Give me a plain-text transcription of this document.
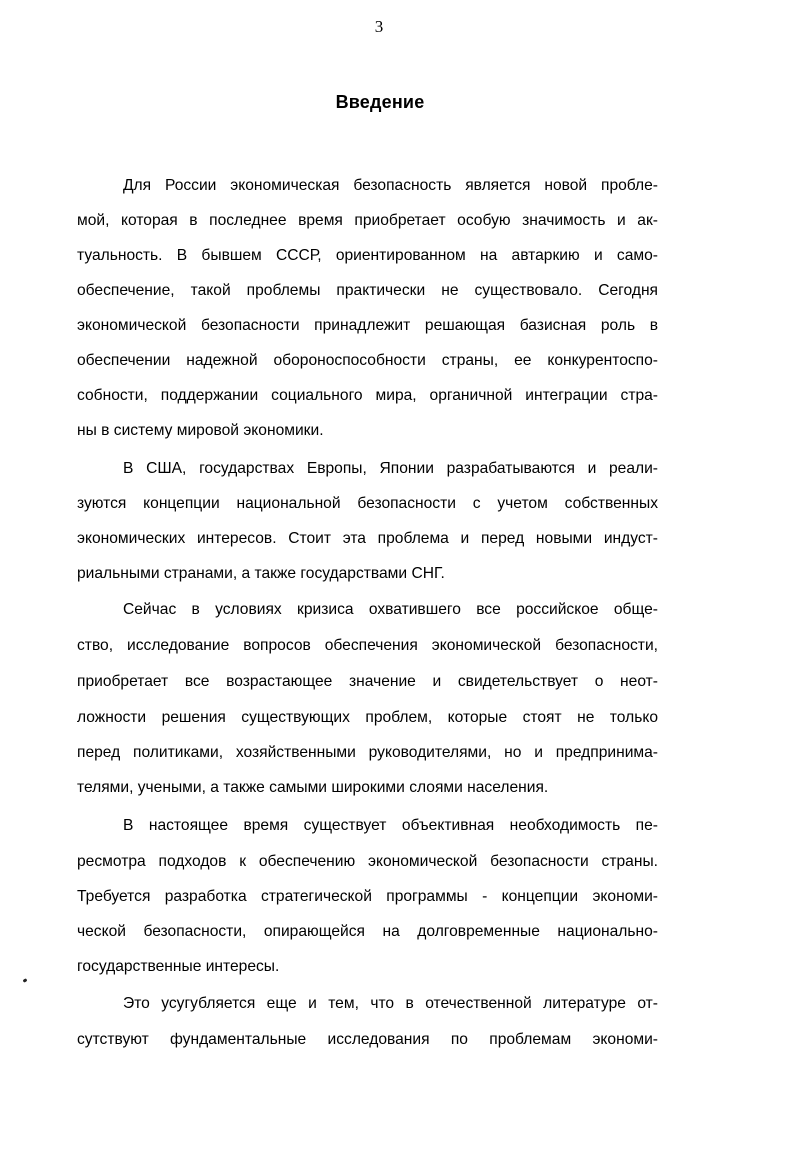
3
Введение
Для России экономическая безопасность является новой пробле-
мой, которая в последнее время приобретает особую значимость и ак-
туальность. В бывшем СССР, ориентированном на автаркию и само-
обеспечение, такой проблемы практически не существовало. Сегодня
экономической безопасности принадлежит решающая базисная роль в
обеспечении надежной обороноспособности страны, ее конкурентоспо-
собности, поддержании социального мира, органичной интеграции стра-
ны в систему мировой экономики.
В США, государствах Европы, Японии разрабатываются и реали-
зуются концепции национальной безопасности с учетом собственных
экономических интересов. Стоит эта проблема и перед новыми индуст-
риальными странами, а также государствами СНГ.
Сейчас в условиях кризиса охватившего все российское обще-
ство, исследование вопросов обеспечения экономической безопасности,
приобретает все возрастающее значение и свидетельствует о неот-
ложности решения существующих проблем, которые стоят не только
перед политиками, хозяйственными руководителями, но и предпринима-
телями, учеными, а также самыми широкими слоями населения.
В настоящее время существует объективная необходимость пе-
ресмотра подходов к обеспечению экономической безопасности страны.
Требуется разработка стратегической программы - концепции экономи-
ческой безопасности, опирающейся на долговременные национально-
государственные интересы.
Это усугубляется еще и тем, что в отечественной литературе от-
сутствуют фундаментальные исследования по проблемам экономи-
